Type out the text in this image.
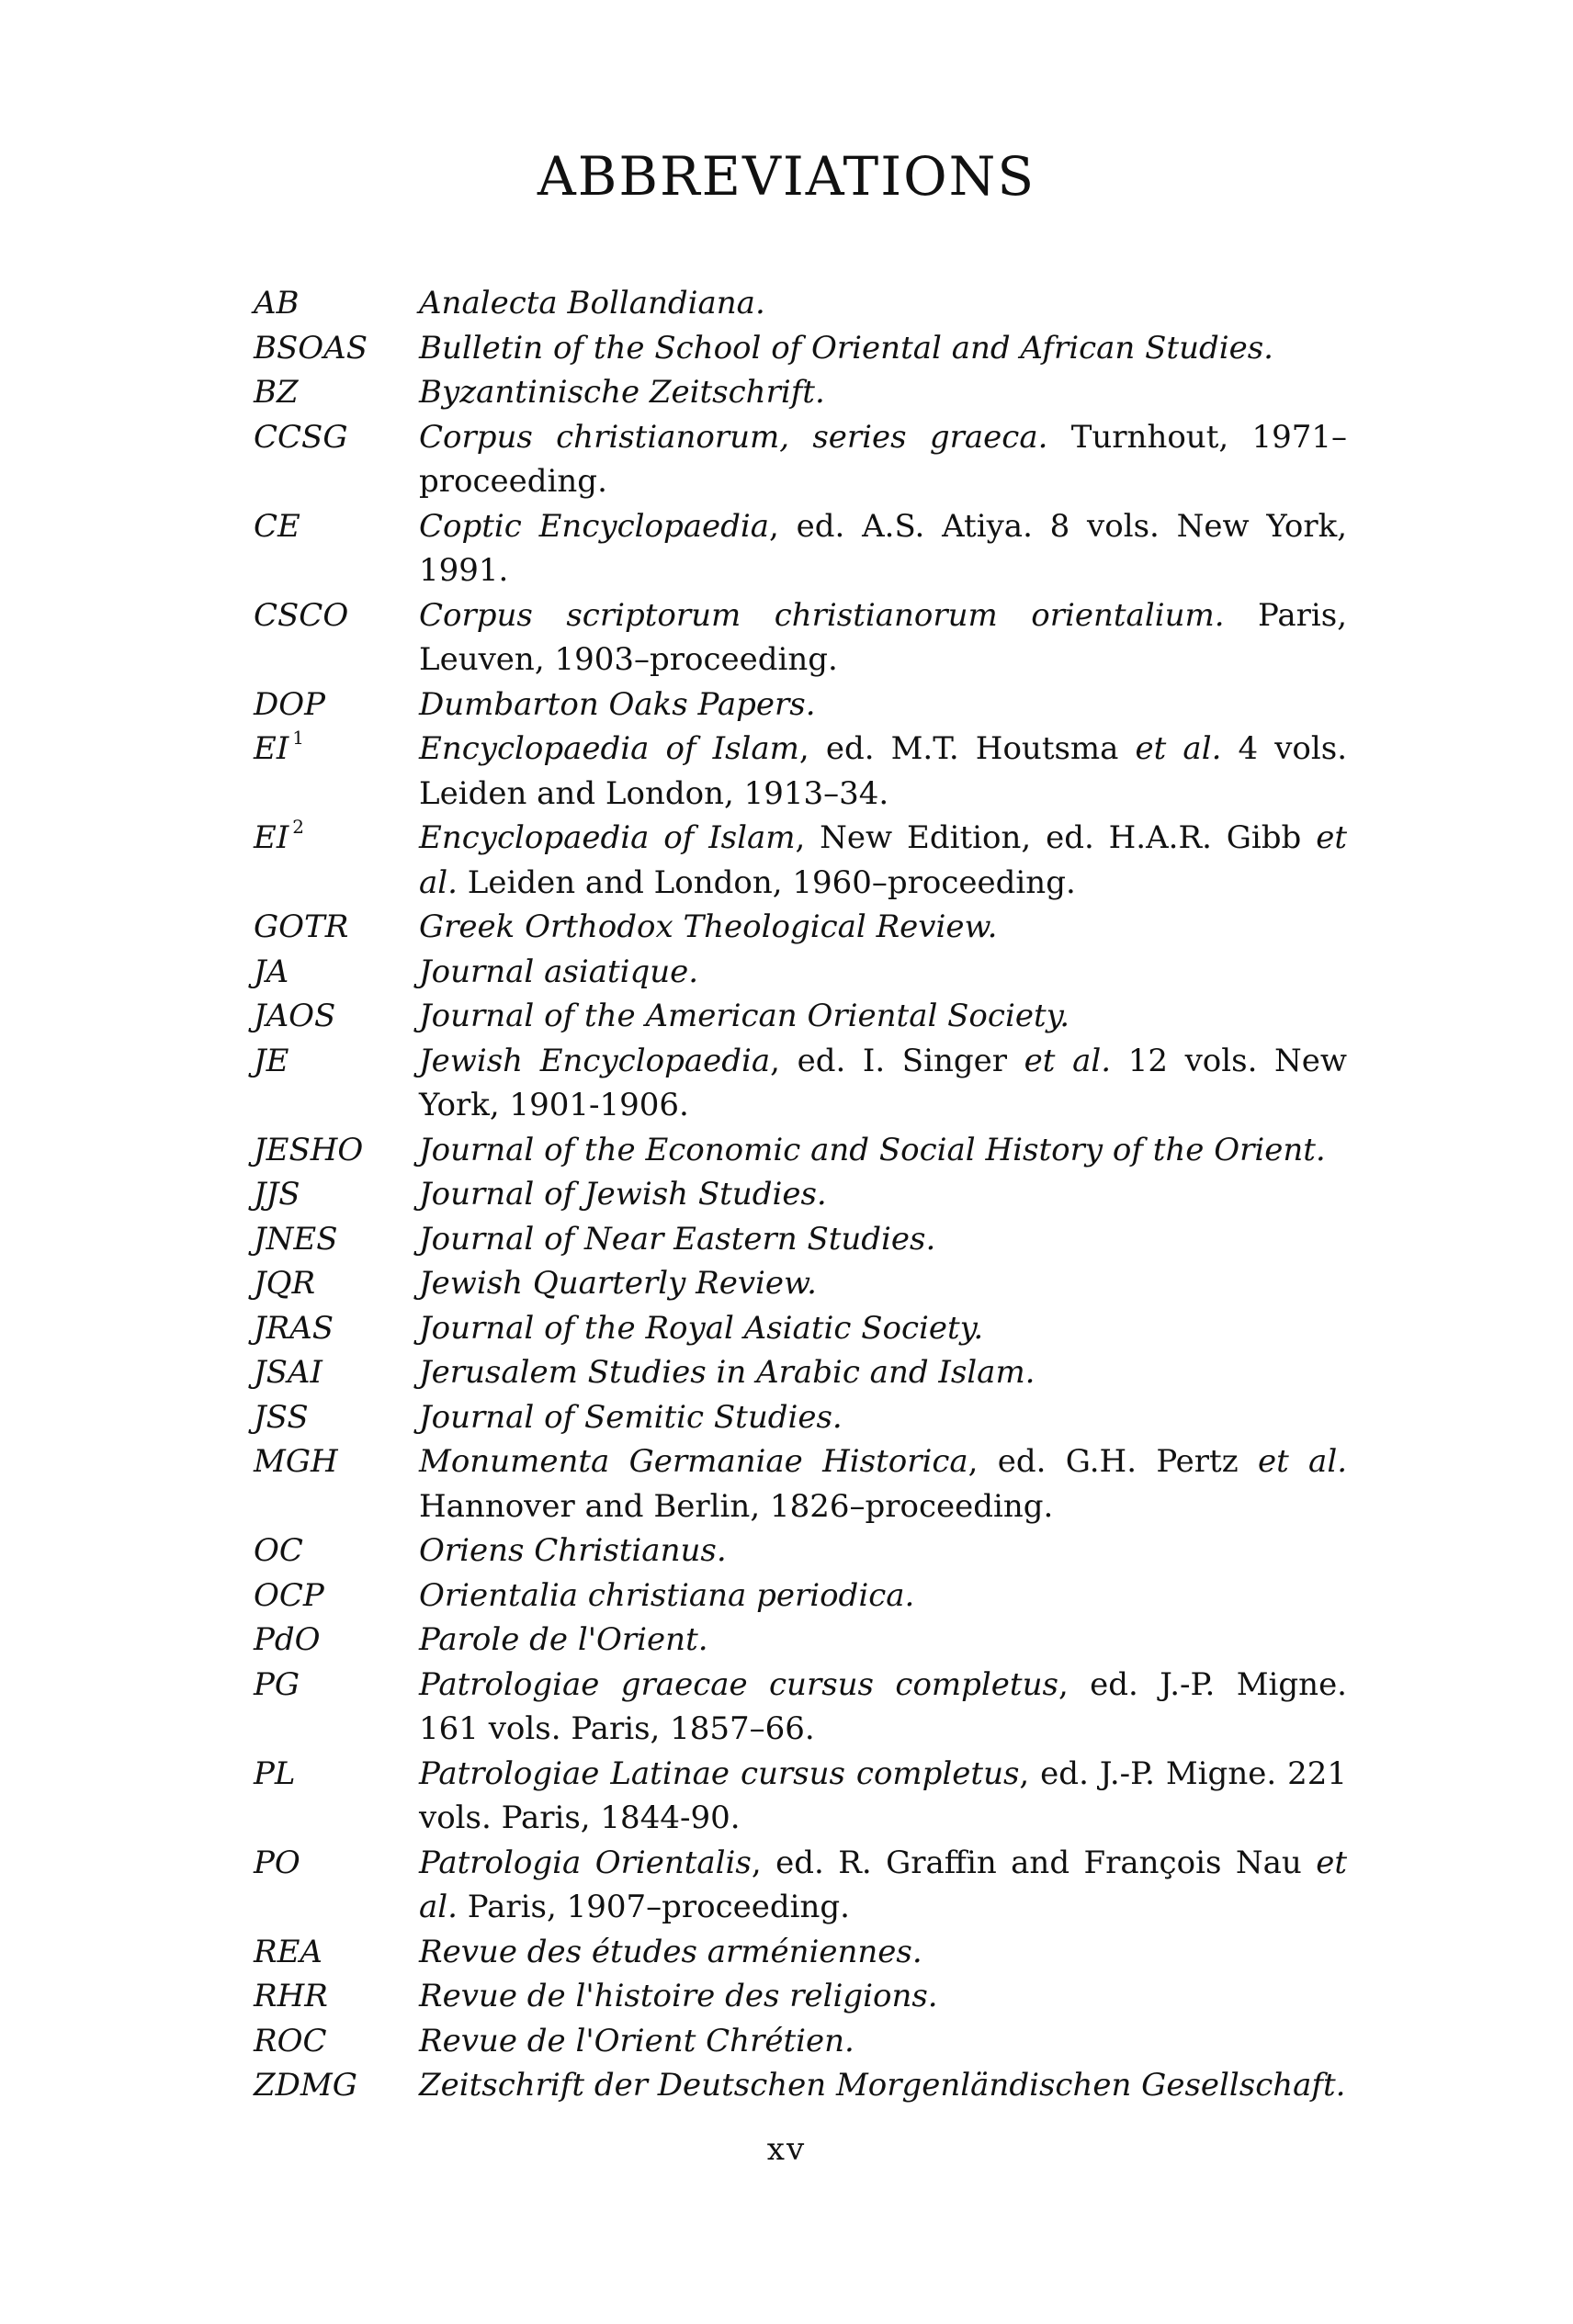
ABBREVIATIONS
AB	Analecta Bollandiana.
BSOAS	Bulletin of the School of Oriental and African Studies.
BZ	Byzantinische Zeitschrift.
CCSG	Corpus christianorum, series graeca. Turnhout, 1971–proceeding.
CE	Coptic Encyclopaedia, ed. A.S. Atiya. 8 vols. New York, 1991.
CSCO	Corpus scriptorum christianorum orientalium. Paris, Leuven, 1903–proceeding.
DOP	Dumbarton Oaks Papers.
EI $^1$	Encyclopaedia of Islam, ed. M.T. Houtsma et al. 4 vols. Leiden and London, 1913–34.
EI $^2$	Encyclopaedia of Islam, New Edition, ed. H.A.R. Gibb et al. Leiden and London, 1960–proceeding.
GOTR	Greek Orthodox Theological Review.
JA	Journal asiatique.
JAOS	Journal of the American Oriental Society.
JE	Jewish Encyclopaedia, ed. I. Singer et al. 12 vols. New York, 1901-1906.
JESHO	Journal of the Economic and Social History of the Orient.
JJS	Journal of Jewish Studies.
JNES	Journal of Near Eastern Studies.
JQR	Jewish Quarterly Review.
JRAS	Journal of the Royal Asiatic Society.
JSAI	Jerusalem Studies in Arabic and Islam.
JSS	Journal of Semitic Studies.
MGH	Monumenta Germaniae Historica, ed. G.H. Pertz et al. Hannover and Berlin, 1826–proceeding.
OC	Oriens Christianus.
OCP	Orientalia christiana periodica.
PdO	Parole de l'Orient.
PG	Patrologiae graecae cursus completus, ed. J.-P. Migne. 161 vols. Paris, 1857–66.
PL	Patrologiae Latinae cursus completus, ed. J.-P. Migne. 221 vols. Paris, 1844-90.
PO	Patrologia Orientalis, ed. R. Graffin and François Nau et al. Paris, 1907–proceeding.
REA	Revue des études arméniennes.
RHR	Revue de l'histoire des religions.
ROC	Revue de l'Orient Chrétien.
ZDMG	Zeitschrift der Deutschen Morgenländischen Gesellschaft.
xv
